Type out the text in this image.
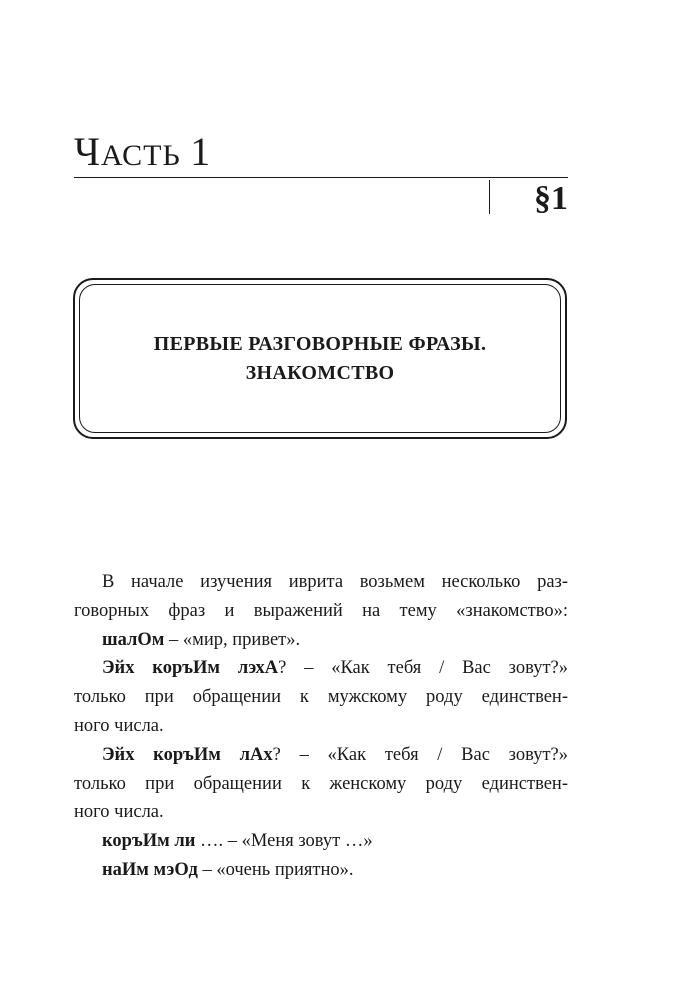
ЧАСТЬ 1
§1
ПЕРВЫЕ РАЗГОВОРНЫЕ ФРАЗЫ.
ЗНАКОМСТВО
В начале изучения иврита возьмем несколько раз-
говорных фраз и выражений на тему «знакомство»:
шалОм – «мир, привет».
Эйх коръИм лэхА? – «Как тебя / Вас зовут?»
только при обращении к мужскому роду единствен-
ного числа.
Эйх коръИм лАх? – «Как тебя / Вас зовут?»
только при обращении к женскому роду единствен-
ного числа.
коръИм ли …. – «Меня зовут …»
наИм мэОд – «очень приятно».
